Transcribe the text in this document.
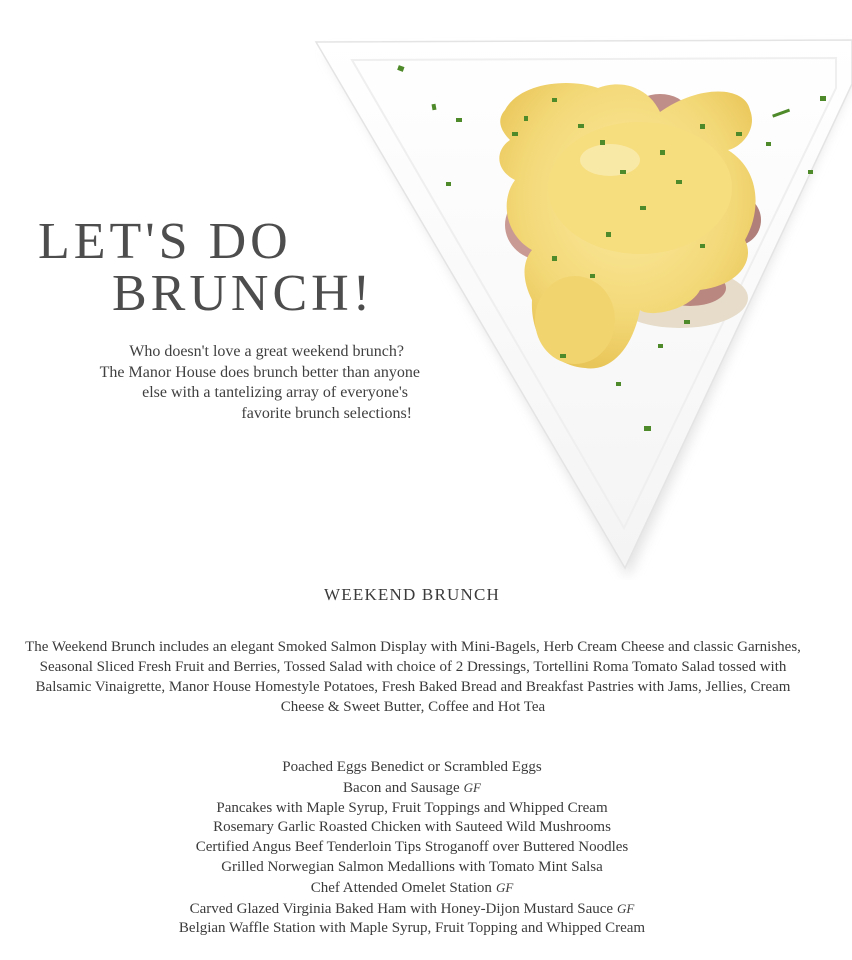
LET'S DO
BRUNCH!

Who doesn't love a great weekend brunch?
The Manor House does brunch better than anyone
else with a tantelizing array of everyone's
favorite brunch selections!

WEEKEND BRUNCH

The Weekend Brunch includes an elegant Smoked Salmon Display with Mini-Bagels, Herb Cream Cheese and classic Garnishes, Seasonal Sliced Fresh Fruit and Berries, Tossed Salad with choice of 2 Dressings, Tortellini Roma Tomato Salad tossed with Balsamic Vinaigrette, Manor House Homestyle Potatoes, Fresh Baked Bread and Breakfast Pastries with Jams, Jellies, Cream Cheese & Sweet Butter, Coffee and Hot Tea

Poached Eggs Benedict or Scrambled Eggs
Bacon and Sausage GF
Pancakes with Maple Syrup, Fruit Toppings and Whipped Cream
Rosemary Garlic Roasted Chicken with Sauteed Wild Mushrooms
Certified Angus Beef Tenderloin Tips Stroganoff over Buttered Noodles
Grilled Norwegian Salmon Medallions with Tomato Mint Salsa
Chef Attended Omelet Station GF
Carved Glazed Virginia Baked Ham with Honey-Dijon Mustard Sauce GF
Belgian Waffle Station with Maple Syrup, Fruit Topping and Whipped Cream
